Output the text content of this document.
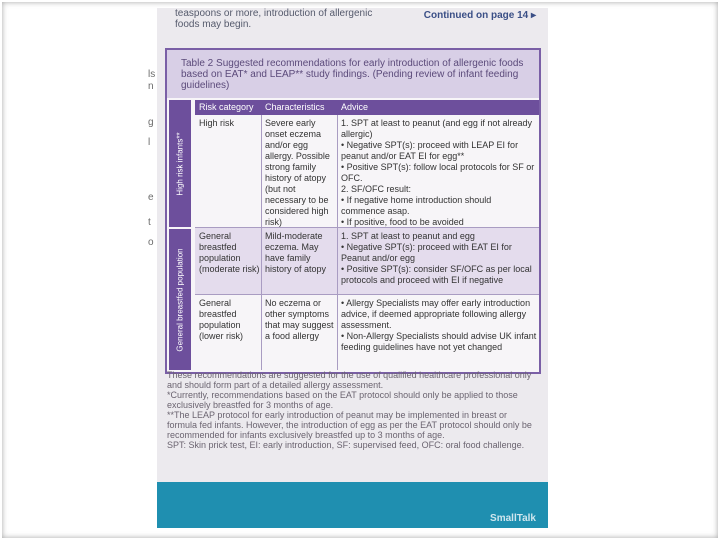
ls
n
g
l
e
t
o
teaspoons or more, introduction of allergenic foods may begin.
Continued on page 14 ▸
Table 2 Suggested recommendations for early introduction of allergenic foods based on EAT* and LEAP** study findings. (Pending review of infant feeding guidelines)
Risk category Characteristics Advice
High risk infants**
General breastfed population
High risk	Severe early onset eczema and/or egg allergy. Possible strong family history of atopy (but not necessary to be considered high risk)
1. SPT at least to peanut (and egg if not already allergic)
• Negative SPT(s): proceed with LEAP EI for peanut and/or EAT EI for egg**
• Positive SPT(s): follow local protocols for SF or OFC.
2. SF/OFC result:
• If negative home introduction should commence asap.
• If positive, food to be avoided
General breastfed population (moderate risk)
Mild-moderate eczema. May have family history of atopy
1. SPT at least to peanut and egg
• Negative SPT(s): proceed with EAT EI for Peanut and/or egg
• Positive SPT(s): consider SF/OFC as per local protocols and proceed with EI if negative
General breastfed population (lower risk)
No eczema or other symptoms that may suggest a food allergy
• Allergy Specialists may offer early introduction advice, if deemed appropriate following allergy assessment.
• Non-Allergy Specialists should advise UK infant feeding guidelines have not yet changed
These recommendations are suggested for the use of qualified healthcare professional only and should form part of a detailed allergy assessment.
*Currently, recommendations based on the EAT protocol should only be applied to those exclusively breastfed for 3 months of age.
**The LEAP protocol for early introduction of peanut may be implemented in breast or formula fed infants. However, the introduction of egg as per the EAT protocol should only be recommended for infants exclusively breastfed up to 3 months of age.
SPT: Skin prick test, EI: early introduction, SF: supervised feed, OFC: oral food challenge.
SmallTalk
